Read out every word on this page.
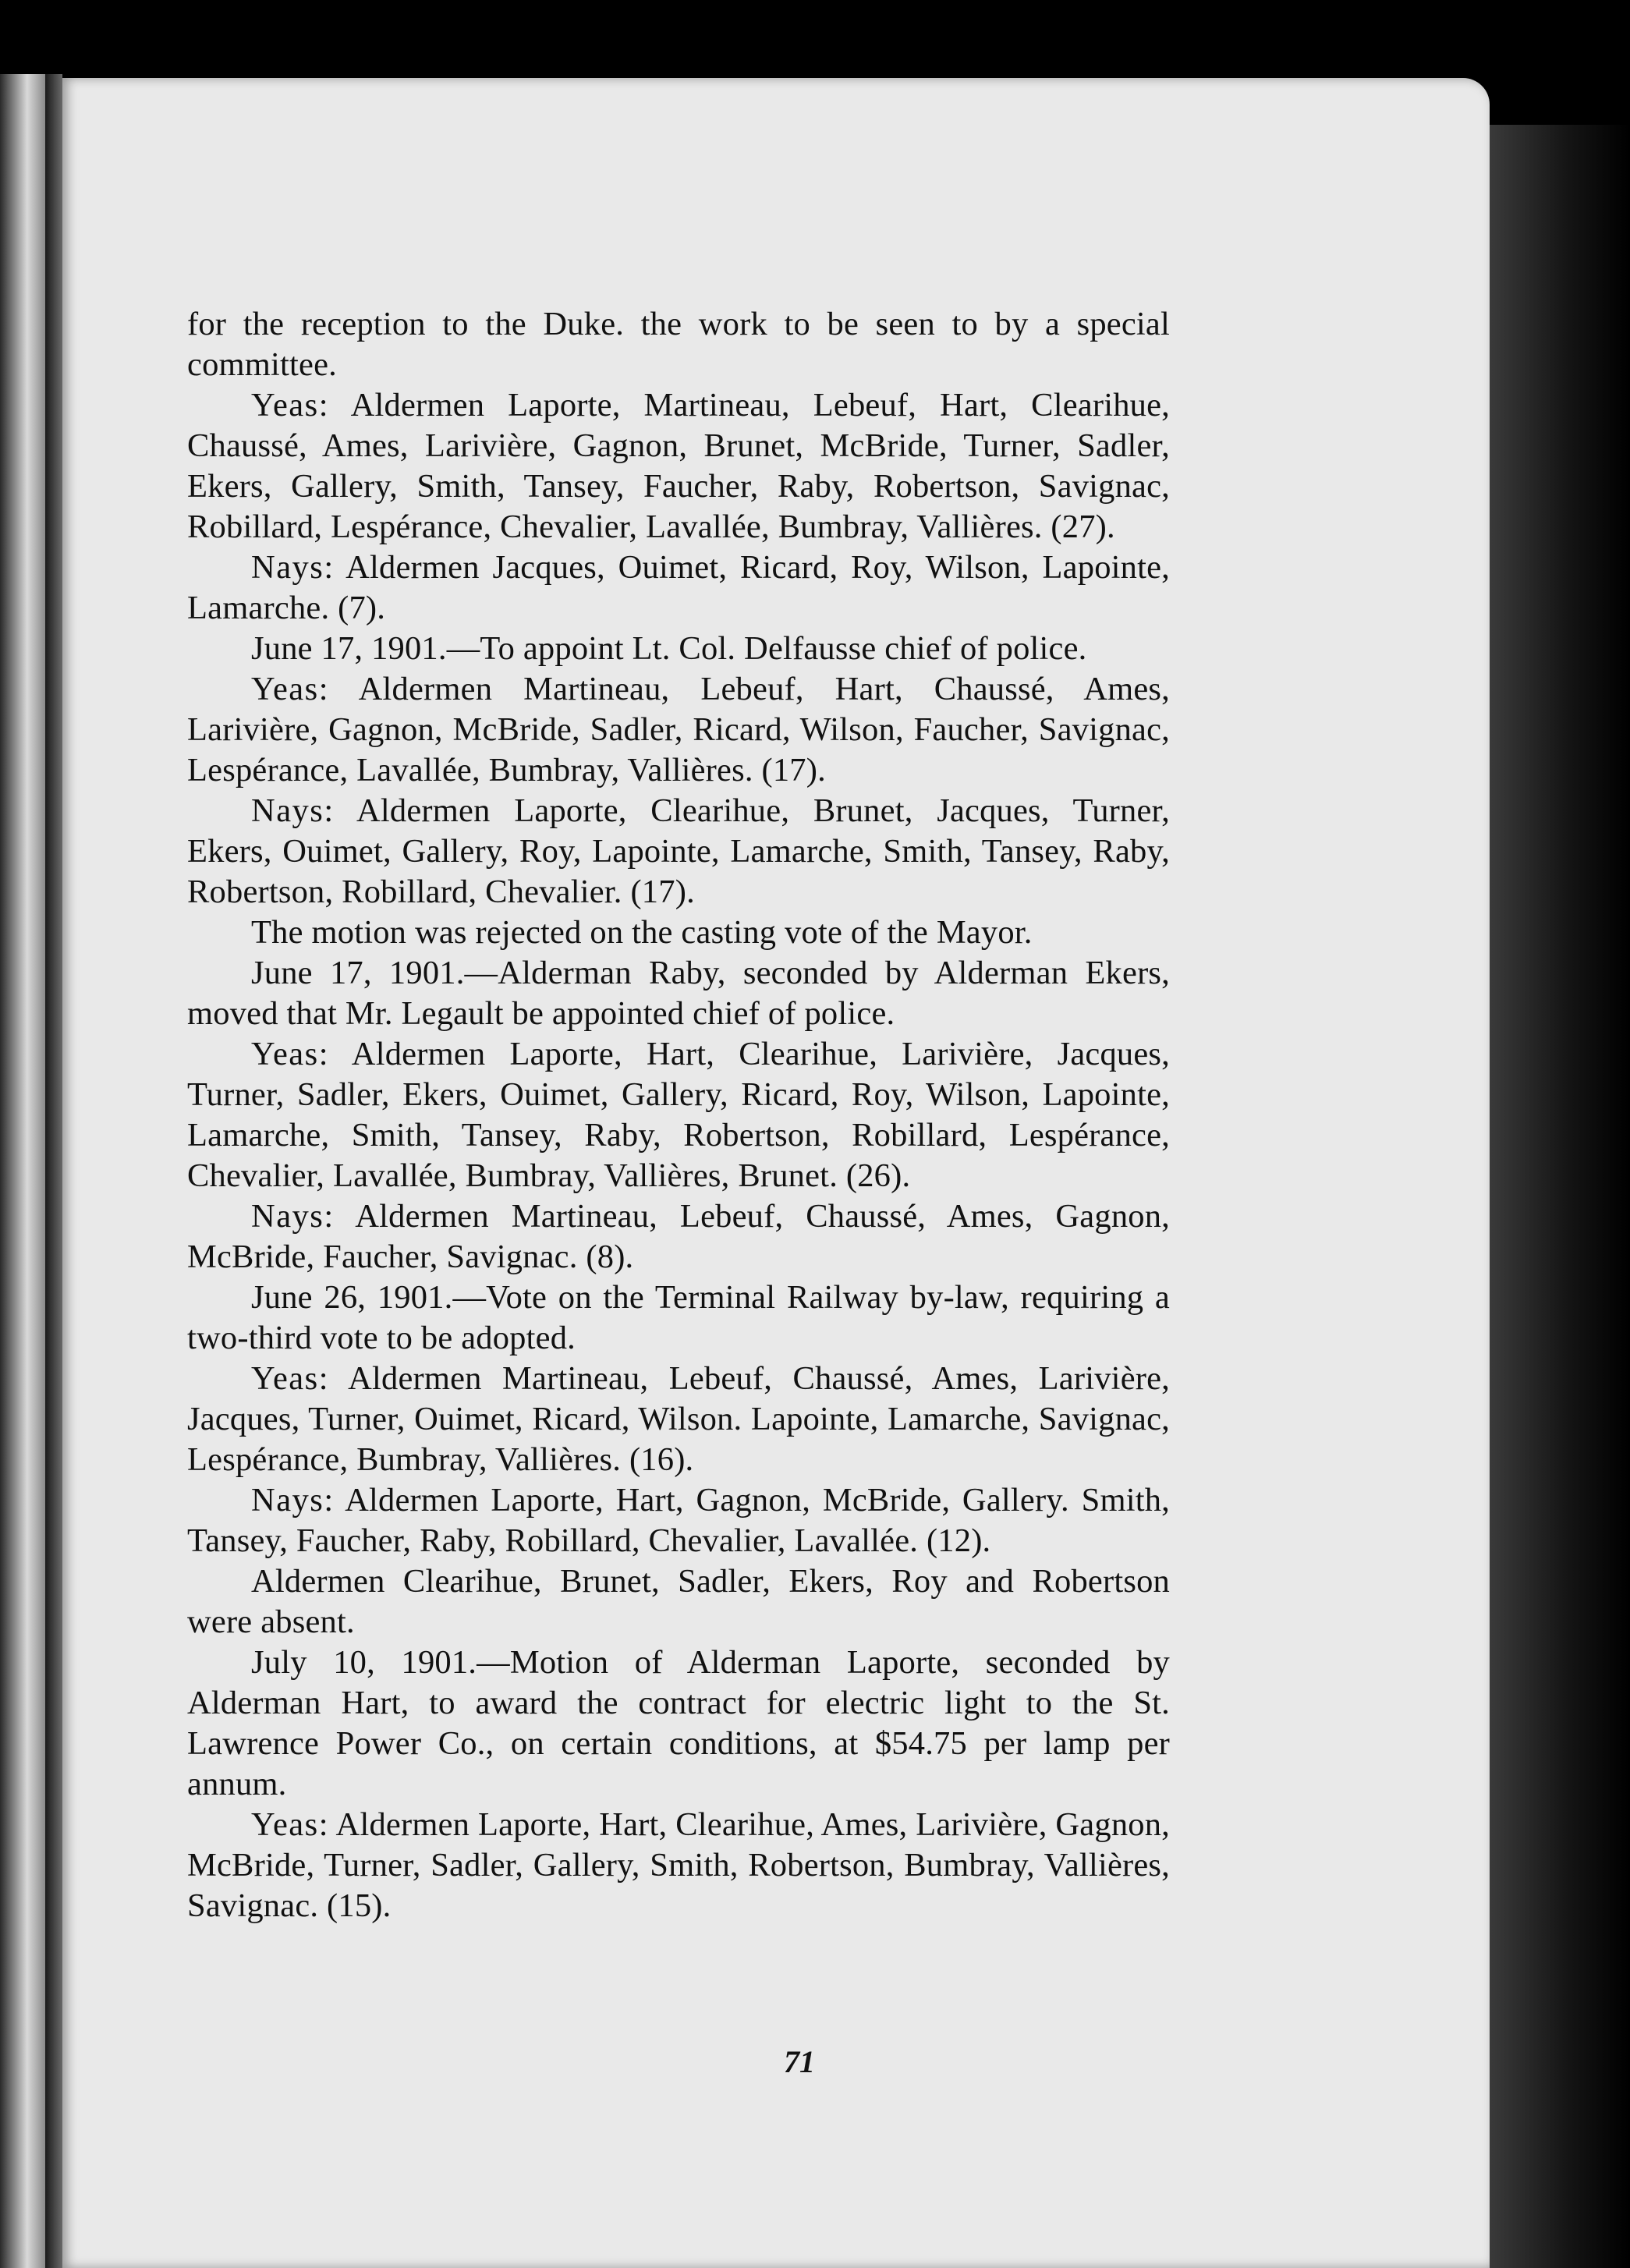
71

for the reception to the Duke. the work to be seen to by a special committee.

Yeas: Aldermen Laporte, Martineau, Lebeuf, Hart, Clearihue, Chaussé, Ames, Larivière, Gagnon, Brunet, McBride, Turner, Sadler, Ekers, Gallery, Smith, Tansey, Faucher, Raby, Robertson, Savignac, Robillard, Lespérance, Chevalier, Lavallée, Bumbray, Vallières. (27).

Nays: Aldermen Jacques, Ouimet, Ricard, Roy, Wilson, Lapointe, Lamarche. (7).

June 17, 1901.—To appoint Lt. Col. Delfausse chief of police.

Yeas: Aldermen Martineau, Lebeuf, Hart, Chaussé, Ames, Larivière, Gagnon, McBride, Sadler, Ricard, Wilson, Faucher, Savignac, Lespérance, Lavallée, Bumbray, Vallières. (17).

Nays: Aldermen Laporte, Clearihue, Brunet, Jacques, Turner, Ekers, Ouimet, Gallery, Roy, Lapointe, Lamarche, Smith, Tansey, Raby, Robertson, Robillard, Chevalier. (17).

The motion was rejected on the casting vote of the Mayor.

June 17, 1901.—Alderman Raby, seconded by Alderman Ekers, moved that Mr. Legault be appointed chief of police.

Yeas: Aldermen Laporte, Hart, Clearihue, Larivière, Jacques, Turner, Sadler, Ekers, Ouimet, Gallery, Ricard, Roy, Wilson, Lapointe, Lamarche, Smith, Tansey, Raby, Robertson, Robillard, Lespérance, Chevalier, Lavallée, Bumbray, Vallières, Brunet. (26).

Nays: Aldermen Martineau, Lebeuf, Chaussé, Ames, Gagnon, McBride, Faucher, Savignac. (8).

June 26, 1901.—Vote on the Terminal Railway by-law, requiring a two-third vote to be adopted.

Yeas: Aldermen Martineau, Lebeuf, Chaussé, Ames, Larivière, Jacques, Turner, Ouimet, Ricard, Wilson. Lapointe, Lamarche, Savignac, Lespérance, Bumbray, Vallières. (16).

Nays: Aldermen Laporte, Hart, Gagnon, McBride, Gallery. Smith, Tansey, Faucher, Raby, Robillard, Chevalier, Lavallée. (12).

Aldermen Clearihue, Brunet, Sadler, Ekers, Roy and Robertson were absent.

July 10, 1901.—Motion of Alderman Laporte, seconded by Alderman Hart, to award the contract for electric light to the St. Lawrence Power Co., on certain conditions, at $54.75 per lamp per annum.

Yeas: Aldermen Laporte, Hart, Clearihue, Ames, Larivière, Gagnon, McBride, Turner, Sadler, Gallery, Smith, Robertson, Bumbray, Vallières, Savignac. (15).
